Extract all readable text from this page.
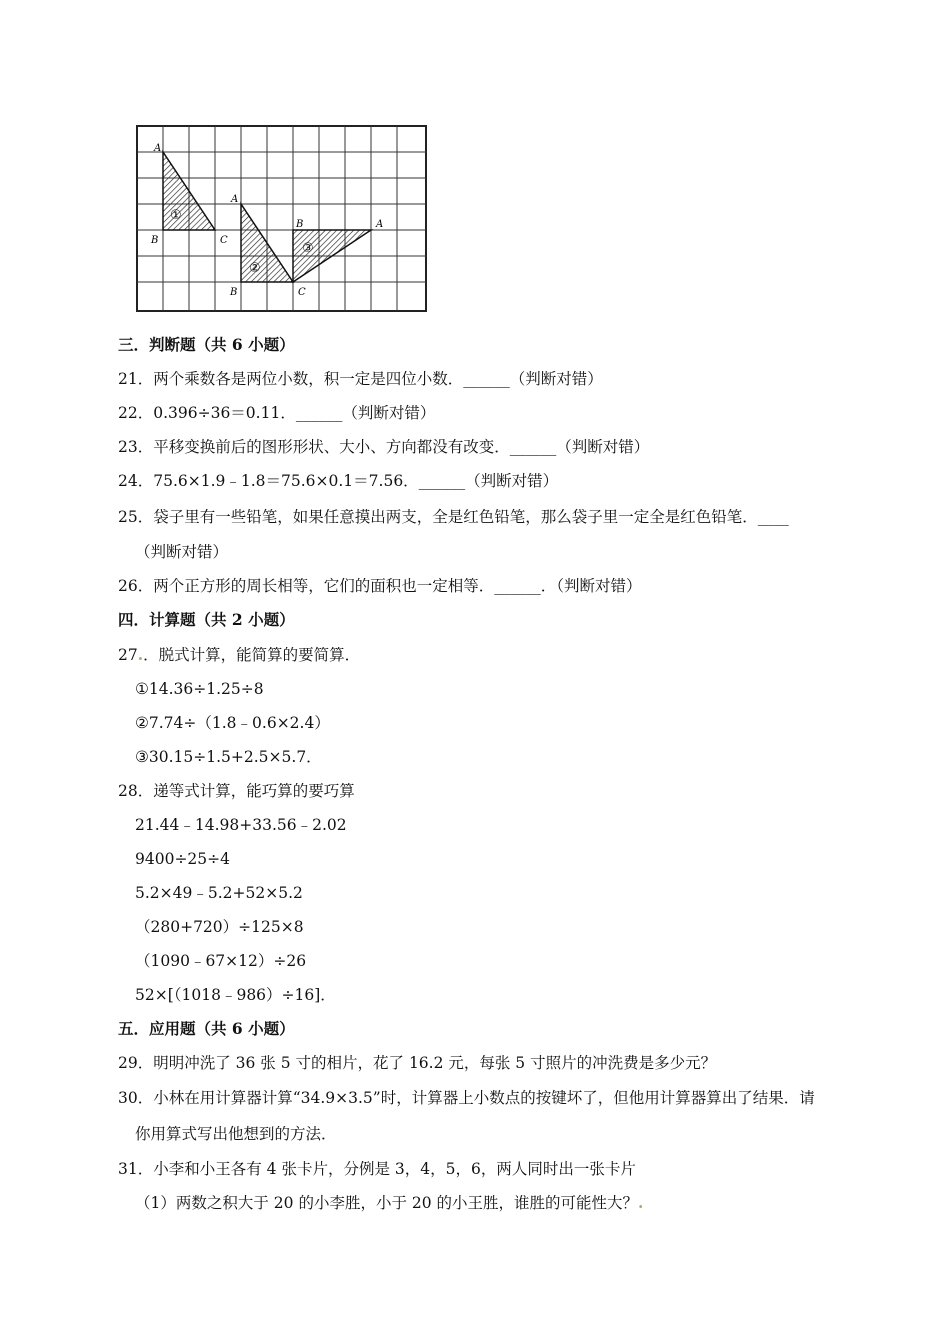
A
B	C
①
A
B	C
②
B	A
③
三．判断题（共 6 小题）
21．两个乘数各是两位小数，积一定是四位小数．______（判断对错）
22．0.396÷36＝0.11．______（判断对错）
23．平移变换前后的图形形状、大小、方向都没有改变．______（判断对错）
24．75.6×1.9﹣1.8＝75.6×0.1＝7.56．______（判断对错）
25．袋子里有一些铅笔，如果任意摸出两支，全是红色铅笔，那么袋子里一定全是红色铅笔．____
（判断对错）
26．两个正方形的周长相等，它们的面积也一定相等．______．（判断对错）
四．计算题（共 2 小题）
27.．脱式计算，能简算的要简算．
①14.36÷1.25÷8
②7.74÷（1.8﹣0.6×2.4）
③30.15÷1.5+2.5×5.7．
28．递等式计算，能巧算的要巧算
21.44﹣14.98+33.56﹣2.02
9400÷25÷4
5.2×49﹣5.2+52×5.2
（280+720）÷125×8
（1090﹣67×12）÷26
52×[（1018﹣986）÷16]．
五．应用题（共 6 小题）
29．明明冲洗了 36 张 5 寸的相片，花了 16.2 元，每张 5 寸照片的冲洗费是多少元？
30．小林在用计算器计算“34.9×3.5”时，计算器上小数点的按键坏了，但他用计算器算出了结果．请
你用算式写出他想到的方法．
31．小李和小王各有 4 张卡片，分例是 3，4，5，6，两人同时出一张卡片
（1）两数之积大于 20 的小李胜，小于 20 的小王胜，谁胜的可能性大？.
